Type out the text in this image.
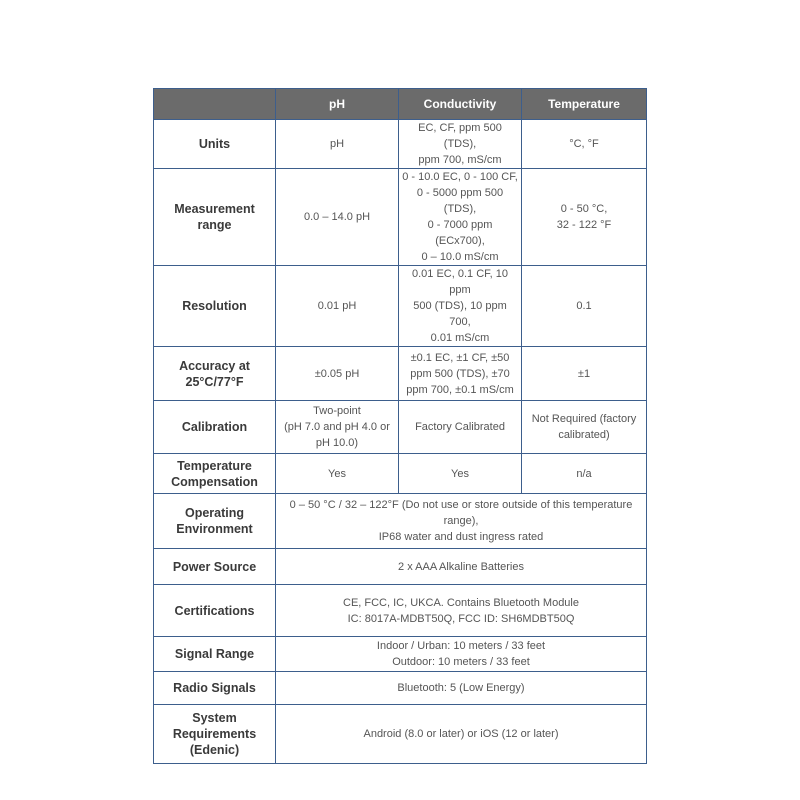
	pH	Conductivity	Temperature

Units	pH	EC, CF, ppm 500 (TDS),
ppm 700, mS/cm	°C, °F

Measurement
range	0.0 – 14.0 pH	0 - 10.0 EC, 0 - 100 CF,
0 - 5000 ppm 500
(TDS),
0 - 7000 ppm (ECx700),
0 – 10.0 mS/cm	0 - 50 °C,
32 - 122 °F

Resolution	0.01 pH	0.01 EC, 0.1 CF, 10 ppm
500 (TDS), 10 ppm 700,
0.01 mS/cm	0.1

Accuracy at
25°C/77°F	±0.05 pH	±0.1 EC, ±1 CF, ±50
ppm 500 (TDS), ±70
ppm 700, ±0.1 mS/cm	±1

Calibration	Two-point
(pH 7.0 and pH 4.0 or
pH 10.0)	Factory Calibrated	Not Required (factory
calibrated)

Temperature
Compensation	Yes	Yes	n/a

Operating
Environment	0 – 50 °C / 32 – 122°F (Do not use or store outside of this temperature
range),
IP68 water and dust ingress rated		

Power Source	2 x AAA Alkaline Batteries		

Certifications	CE, FCC, IC, UKCA. Contains Bluetooth Module
IC: 8017A-MDBT50Q, FCC ID: SH6MDBT50Q		

Signal Range	Indoor / Urban: 10 meters / 33 feet
Outdoor: 10 meters / 33 feet		

Radio Signals	Bluetooth: 5 (Low Energy)		

System
Requirements
(Edenic)	Android (8.0 or later) or iOS (12 or later)		
